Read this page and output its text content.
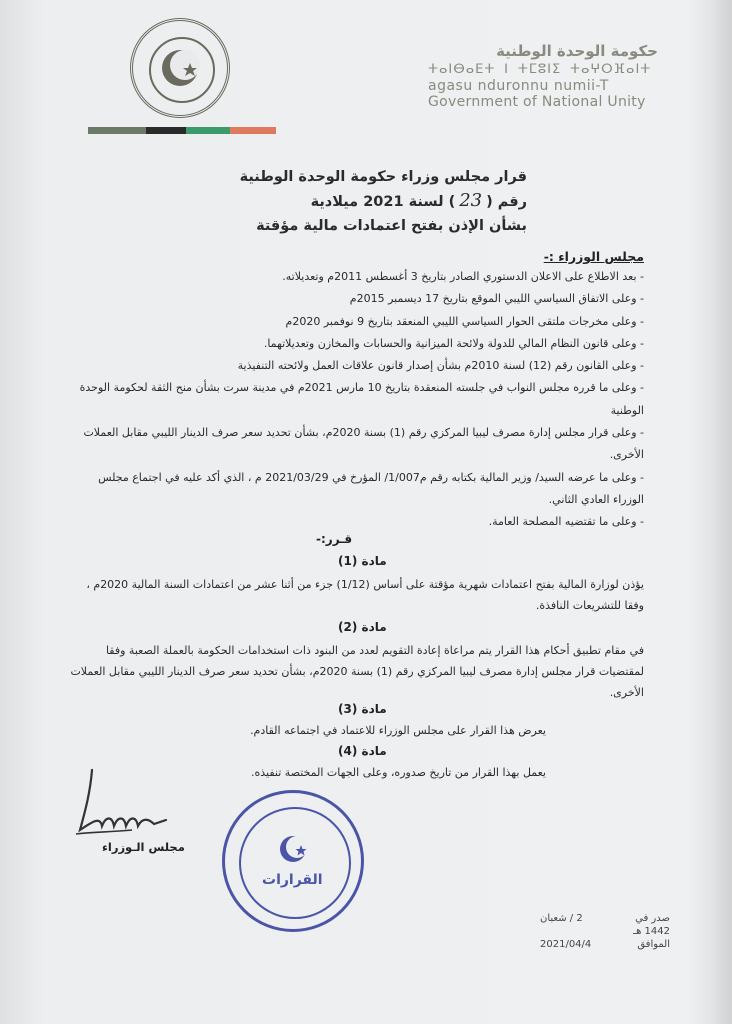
حكومة الوحدة الوطنية
ⵜⴰⵏⴱⴰⴹⵜ ⵏ ⵜⵎⵓⵏⵉ ⵜⴰⵖⵔⴼⴰⵏⵜ
agasu nduronnu numii-T
Government of National Unity
قرار مجلس وزراء حكومة الوحدة الوطنية
رقم (23) لسنة 2021 ميلادية
بشأن الإذن بفتح اعتمادات مالية مؤقتة
مجلس الوزراء :-

- بعد الاطلاع على الاعلان الدستوري الصادر بتاريخ 3 أغسطس 2011م وتعديلاته.

- وعلى الاتفاق السياسي الليبي الموقع بتاريخ 17 ديسمبر 2015م

- وعلى مخرجات ملتقى الحوار السياسي الليبي المنعقد بتاريخ 9 نوفمبر 2020م

- وعلى قانون النظام المالي للدولة ولائحة الميزانية والحسابات والمخازن وتعديلاتهما.

- وعلى القانون رقم (12) لسنة 2010م بشأن إصدار قانون علاقات العمل ولائحته التنفيذية

- وعلى ما قرره مجلس النواب في جلسته المنعقدة بتاريخ 10 مارس 2021م في مدينة سرت بشأن منح الثقة لحكومة الوحدة الوطنية

- وعلى قرار مجلس إدارة مصرف ليبيا المركزي رقم (1) بسنة 2020م، بشأن تحديد سعر صرف الدينار الليبي مقابل العملات الأخرى.

- وعلى ما عرضه السيد/ وزير المالية بكتابه رقم م1/007/ المؤرخ في 2021/03/29 م ، الذي أكد عليه في اجتماع مجلس الوزراء العادي الثاني.

- وعلى ما تقتضيه المصلحة العامة.

قـرر:-
مادة (1)
يؤذن لوزارة المالية بفتح اعتمادات شهرية مؤقتة على أساس (1/12) جزء من أثنا عشر من اعتمادات السنة المالية 2020م ، وفقا للتشريعات النافذة.
مادة (2)
في مقام تطبيق أحكام هذا القرار يتم مراعاة إعادة التقويم لعدد من البنود ذات استخدامات الحكومة بالعملة الصعبة وفقا لمقتضيات قرار مجلس إدارة مصرف ليبيا المركزي رقم (1) بسنة 2020م، بشأن تحديد سعر صرف الدينار الليبي مقابل العملات الأخرى.
مادة (3)
يعرض هذا القرار على مجلس الوزراء للاعتماد في اجتماعه القادم.
مادة (4)
يعمل بهذا القرار من تاريخ صدوره، وعلى الجهات المختصة تنفيذه.
مجلس الـوزراء
القرارات
صدر في
2 / شعبان
1442 هـ
الموافق
2021/04/4
